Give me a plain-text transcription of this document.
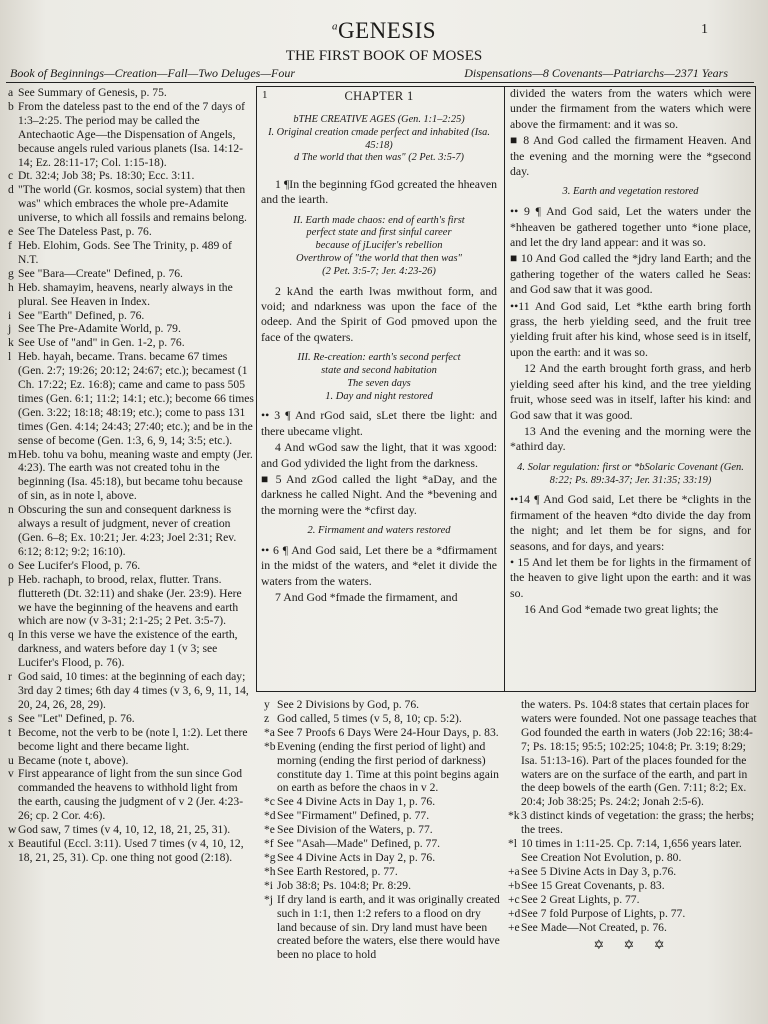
$^a$GENESIS	1
THE FIRST BOOK OF MOSES
Book of Beginnings—Creation—Fall—Two Deluges—Four	Dispensations—8 Covenants—Patriarchs—2371 Years
a See Summary of Genesis, p. 75.
b From the dateless past to the end of the 7 days of 1:3–2:25. The period may be called the Antechaotic Age—the Dispensation of Angels, because angels ruled various planets (Isa. 14:12-14; Ez. 28:11-17; Col. 1:15-18).
c Dt. 32:4; Job 38; Ps. 18:30; Ecc. 3:11.
d "The world (Gr. kosmos, social system) that then was" which embraces the whole pre-Adamite universe, to which all fossils and remains belong.
e See The Dateless Past, p. 76.
f Heb. Elohim, Gods. See The Trinity, p. 489 of N.T.
g See "Bara—Create" Defined, p. 76.
h Heb. shamayim, heavens, nearly always in the plural. See Heaven in Index.
i See "Earth" Defined, p. 76.
j See The Pre-Adamite World, p. 79.
k See Use of "and" in Gen. 1-2, p. 76.
l Heb. hayah, became. Trans. became 67 times (Gen. 2:7; 19:26; 20:12; 24:67; etc.); becamest (1 Ch. 17:22; Ez. 16:8); came and came to pass 505 times (Gen. 6:1; 11:2; 14:1; etc.); become 66 times (Gen. 3:22; 18:18; 48:19; etc.); come to pass 131 times (Gen. 4:14; 24:43; 27:40; etc.); and be in the sense of become (Gen. 1:3, 6, 9, 14; 3:5; etc.).
mHeb. tohu va bohu, meaning waste and empty (Jer. 4:23). The earth was not created tohu in the beginning (Isa. 45:18), but became tohu because of sin, as in note l, above.
n Obscuring the sun and consequent darkness is always a result of judgment, never of creation (Gen. 6–8; Ex. 10:21; Jer. 4:23; Joel 2:31; Rev. 6:12; 8:12; 9:2; 16:10).
o See Lucifer's Flood, p. 76.
p Heb. rachaph, to brood, relax, flutter. Trans. fluttereth (Dt. 32:11) and shake (Jer. 23:9). Here we have the beginning of the heavens and earth which are now (v 3-31; 2:1-25; 2 Pet. 3:5-7).
q In this verse we have the existence of the earth, darkness, and waters before day 1 (v 3; see Lucifer's Flood, p. 76).
r God said, 10 times: at the beginning of each day; 3rd day 2 times; 6th day 4 times (v 3, 6, 9, 11, 14, 20, 24, 26, 28, 29).
s See "Let" Defined, p. 76.
t Become, not the verb to be (note l, 1:2). Let there become light and there became light.
u Became (note t, above).
v First appearance of light from the sun since God commanded the heavens to withhold light from the earth, causing the judgment of v 2 (Jer. 4:23-26; cp. 2 Cor. 4:6).
w God saw, 7 times (v 4, 10, 12, 18, 21, 25, 31).
x Beautiful (Eccl. 3:11). Used 7 times (v 4, 10, 12, 18, 21, 25, 31). Cp. one thing not good (2:18).
1	CHAPTER 1
bTHE CREATIVE AGES (Gen. 1:1–2:25)
I. Original creation cmade perfect and inhabited (Isa. 45:18)
d The world that then was" (2 Pet. 3:5-7)
1 ¶In the beginning fGod gcreated the hheaven and the iearth.
II. Earth made chaos: end of earth's first
perfect state and first sinful career
because of jLucifer's rebellion
Overthrow of "the world that then was"
(2 Pet. 3:5-7; Jer. 4:23-26)
2 kAnd the earth lwas mwithout form, and void; and ndarkness was upon the face of the odeep. And the Spirit of God pmoved upon the face of the qwaters.
III. Re-creation: earth's second perfect
state and second habitation
The seven days
1. Day and night restored
•• 3 ¶ And rGod said, sLet there tbe light: and there ubecame vlight.
4 And wGod saw the light, that it was xgood: and God ydivided the light from the darkness.
■ 5 And zGod called the light *aDay, and the darkness he called Night. And the *bevening and the morning were the *cfirst day.
2. Firmament and waters restored
•• 6 ¶ And God said, Let there be a *dfirmament in the midst of the waters, and *elet it divide the waters from the waters.
7 And God *fmade the firmament, and
divided the waters from the waters which were under the firmament from the waters which were above the firmament: and it was so.
■ 8 And God called the firmament Heaven. And the evening and the morning were the *gsecond day.
3. Earth and vegetation restored
•• 9 ¶ And God said, Let the waters under the *hheaven be gathered together unto *ione place, and let the dry land appear: and it was so.
■ 10 And God called the *jdry land Earth; and the gathering together of the waters called he Seas: and God saw that it was good.
••11 And God said, Let *kthe earth bring forth grass, the herb yielding seed, and the fruit tree yielding fruit after his kind, whose seed is in itself, upon the earth: and it was so.
12 And the earth brought forth grass, and herb yielding seed after his kind, and the tree yielding fruit, whose seed was in itself, lafter his kind: and God saw that it was good.
13 And the evening and the morning were the *athird day.
4. Solar regulation: first or *bSolaric Covenant (Gen. 8:22; Ps. 89:34-37; Jer. 31:35; 33:19)
••14 ¶ And God said, Let there be *clights in the firmament of the heaven *dto divide the day from the night; and let them be for signs, and for seasons, and for days, and years:
• 15 And let them be for lights in the firmament of the heaven to give light upon the earth: and it was so.
16 And God *emade two great lights; the
y See 2 Divisions by God, p. 76.
z God called, 5 times (v 5, 8, 10; cp. 5:2).
*a See 7 Proofs 6 Days Were 24-Hour Days, p. 83.
*bEvening (ending the first period of light) and morning (ending the first period of darkness) constitute day 1. Time at this point begins again on earth as before the chaos in v 2.
*c See 4 Divine Acts in Day 1, p. 76.
*dSee "Firmament" Defined, p. 77.
*e See Division of the Waters, p. 77.
*f See "Asah—Made" Defined, p. 77.
*gSee 4 Divine Acts in Day 2, p. 76.
*hSee Earth Restored, p. 77.
*i Job 38:8; Ps. 104:8; Pr. 8:29.
*j If dry land is earth, and it was originally created such in 1:1, then 1:2 refers to a flood on dry land because of sin. Dry land must have been created before the waters, else there would have been no place to hold
the waters. Ps. 104:8 states that certain places for waters were founded. Not one passage teaches that God founded the earth in waters (Job 22:16; 38:4-7; Ps. 18:15; 95:5; 102:25; 104:8; Pr. 3:19; 8:29; Isa. 51:13-16). Part of the places founded for the waters are on the surface of the earth, and part in the deep bowels of the earth (Gen. 7:11; 8:2; Ex. 20:4; Job 38:25; Ps. 24:2; Jonah 2:5-6).
*k3 distinct kinds of vegetation: the grass; the herbs; the trees.
*l 10 times in 1:11-25. Cp. 7:14, 1,656 years later. See Creation Not Evolution, p. 80.
+aSee 5 Divine Acts in Day 3, p.76.
+bSee 15 Great Covenants, p. 83.
+cSee 2 Great Lights, p. 77.
+dSee 7 fold Purpose of Lights, p. 77.
+eSee Made—Not Created, p. 76.
✡ ✡ ✡
